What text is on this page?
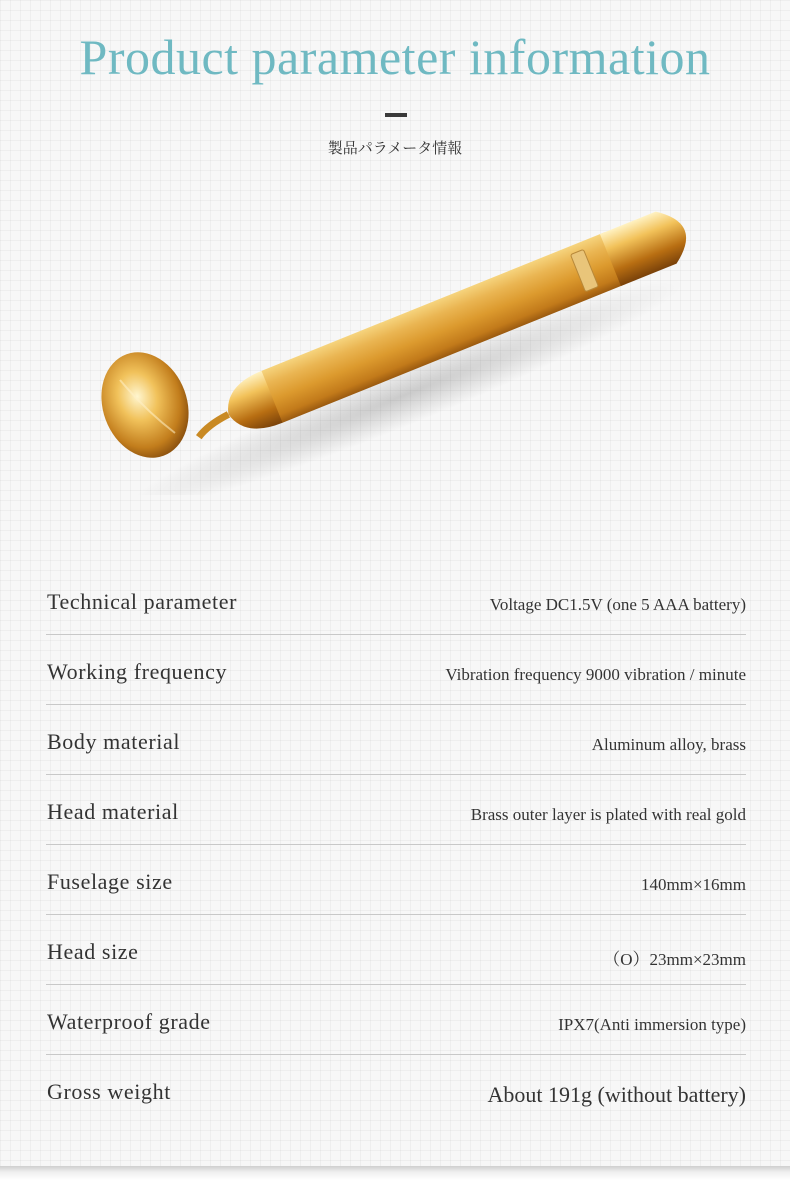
Product parameter information
製品パラメータ情報
Technical parameter	Voltage DC1.5V (one 5 AAA battery)
Working frequency	Vibration frequency 9000 vibration / minute
Body material	Aluminum alloy, brass
Head material	Brass outer layer is plated with real gold
Fuselage size	140mm×16mm
Head size	（O）23mm×23mm
Waterproof grade	IPX7(Anti immersion type)
Gross weight	About 191g (without battery)
